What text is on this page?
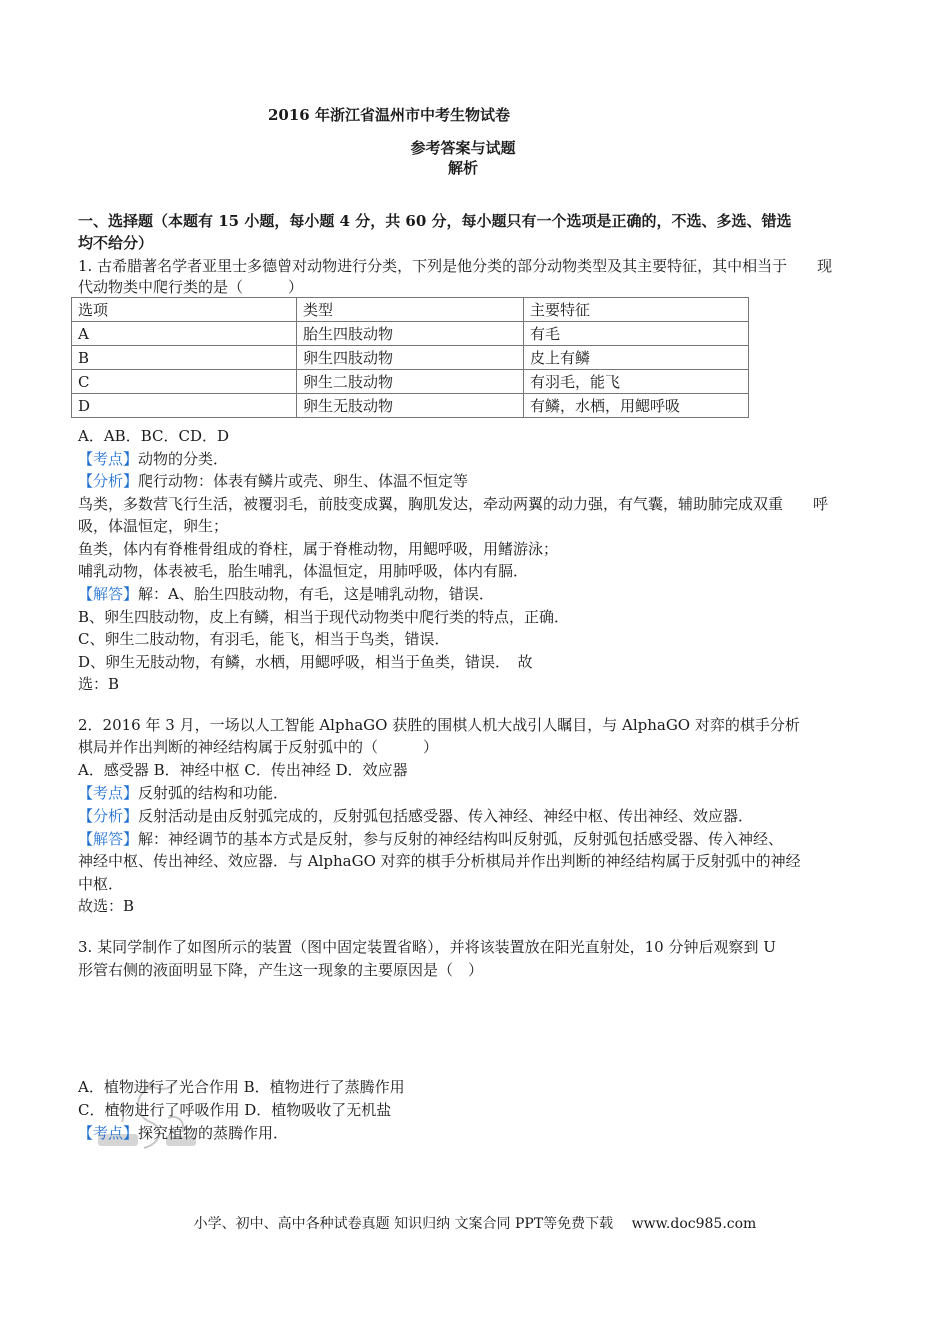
2016 年浙江省温州市中考生物试卷
参考答案与试题
解析
一、选择题（本题有 15 小题，每小题 4 分，共 60 分，每小题只有一个选项是正确的，不选、多选、错选
均不给分）
1. 古希腊著名学者亚里士多德曾对动物进行分类，下列是他分类的部分动物类型及其主要特征，其中相当于　　现
代动物类中爬行类的是（　　　）
选项	类型	主要特征
A	胎生四肢动物	有毛
B	卵生四肢动物	皮上有鳞
C	卵生二肢动物	有羽毛，能飞
D	卵生无肢动物	有鳞，水栖，用鳃呼吸
A．AB．BC．CD．D
【考点】动物的分类．
【分析】爬行动物：体表有鳞片或壳、卵生、体温不恒定等
鸟类，多数营飞行生活，被覆羽毛，前肢变成翼，胸肌发达，牵动两翼的动力强，有气囊，辅助肺完成双重　　呼
吸，体温恒定，卵生；
鱼类，体内有脊椎骨组成的脊柱，属于脊椎动物，用鳃呼吸，用鳍游泳；
哺乳动物，体表被毛，胎生哺乳，体温恒定，用肺呼吸，体内有膈．
【解答】解：A、胎生四肢动物，有毛，这是哺乳动物，错误．
B、卵生四肢动物，皮上有鳞，相当于现代动物类中爬行类的特点，正确．
C、卵生二肢动物，有羽毛，能飞，相当于鸟类，错误．
D、卵生无肢动物，有鳞，水栖，用鳃呼吸，相当于鱼类，错误．　故
选：B
2．2016 年 3 月，一场以人工智能 AlphaGO 获胜的围棋人机大战引人瞩目，与 AlphaGO 对弈的棋手分析
棋局并作出判断的神经结构属于反射弧中的（　　　）
A．感受器 B．神经中枢 C．传出神经 D．效应器
【考点】反射弧的结构和功能．
【分析】反射活动是由反射弧完成的，反射弧包括感受器、传入神经、神经中枢、传出神经、效应器．
【解答】解：神经调节的基本方式是反射，参与反射的神经结构叫反射弧，反射弧包括感受器、传入神经、
神经中枢、传出神经、效应器．与 AlphaGO 对弈的棋手分析棋局并作出判断的神经结构属于反射弧中的神经
中枢．
故选：B
3. 某同学制作了如图所示的装置（图中固定装置省略），并将该装置放在阳光直射处，10 分钟后观察到 U
形管右侧的液面明显下降，产生这一现象的主要原因是（　）
A．植物进行了光合作用 B．植物进行了蒸腾作用
C．植物进行了呼吸作用 D．植物吸收了无机盐
【考点】探究植物的蒸腾作用．
小学、初中、高中各种试卷真题 知识归纳 文案合同 PPT等免费下载　 www.doc985.com
